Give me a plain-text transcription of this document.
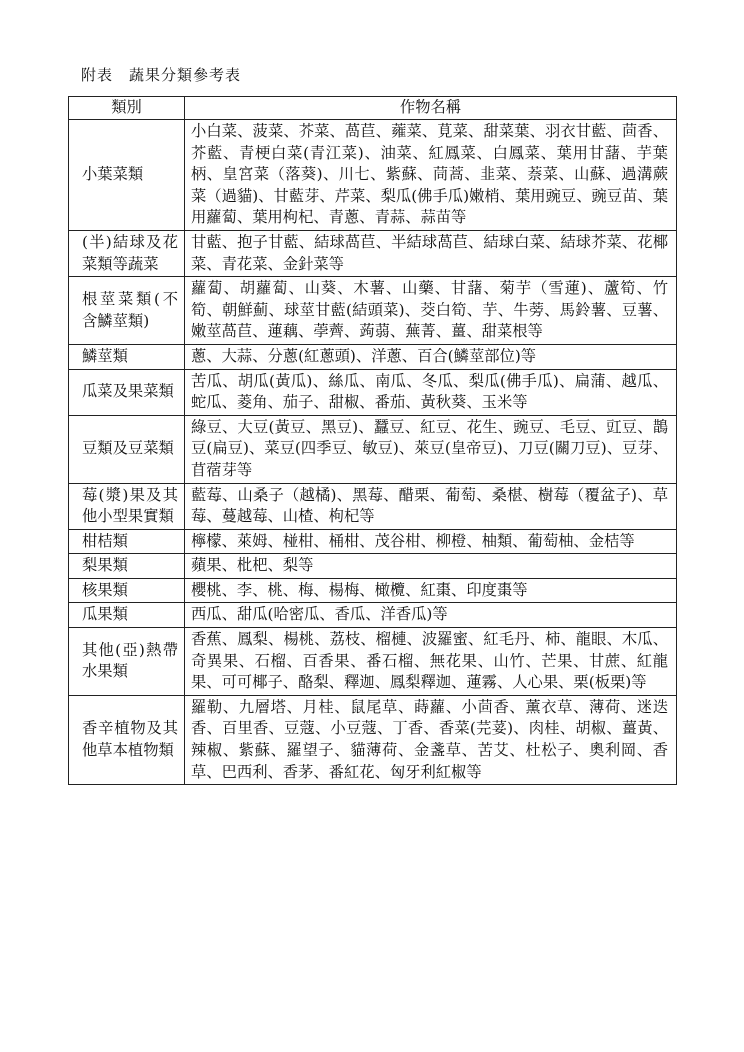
附表　蔬果分類參考表
類別	作物名稱
小葉菜類	小白菜、菠菜、芥菜、萵苣、蕹菜、莧菜、甜菜葉、羽衣甘藍、茴香、芥藍、青梗白菜(青江菜)、油菜、紅鳳菜、白鳳菜、葉用甘藷、芋葉柄、皇宮菜（落葵)、川七、紫蘇、茼蒿、韭菜、萘菜、山蘇、過溝蕨菜（過貓)、甘藍芽、芹菜、梨瓜(佛手瓜)嫩梢、葉用豌豆、豌豆苗、葉用蘿蔔、葉用枸杞、青蔥、青蒜、蒜苗等
(半)結球及花菜類等蔬菜	甘藍、抱子甘藍、結球萵苣、半結球萵苣、結球白菜、結球芥菜、花椰菜、青花菜、金針菜等
根莖菜類(不含鱗莖類)	蘿蔔、胡蘿蔔、山葵、木薯、山藥、甘藷、菊芋（雪蓮)、蘆筍、竹筍、朝鮮薊、球莖甘藍(結頭菜)、茭白筍、芋、牛蒡、馬鈴薯、豆薯、嫩莖萵苣、蓮藕、荸薺、蒟蒻、蕪菁、薑、甜菜根等
鱗莖類	蔥、大蒜、分蔥(紅蔥頭)、洋蔥、百合(鱗莖部位)等
瓜菜及果菜類	苦瓜、胡瓜(黃瓜)、絲瓜、南瓜、冬瓜、梨瓜(佛手瓜)、扁蒲、越瓜、蛇瓜、菱角、茄子、甜椒、番茄、黃秋葵、玉米等
豆類及豆菜類	綠豆、大豆(黃豆、黑豆)、蠶豆、紅豆、花生、豌豆、毛豆、豇豆、鵲豆(扁豆)、菜豆(四季豆、敏豆)、萊豆(皇帝豆)、刀豆(關刀豆)、豆芽、苜蓿芽等
莓(漿)果及其他小型果實類	藍莓、山桑子（越橘)、黑莓、醋栗、葡萄、桑椹、樹莓（覆盆子)、草莓、蔓越莓、山楂、枸杞等
柑桔類	檸檬、萊姆、椪柑、桶柑、茂谷柑、柳橙、柚類、葡萄柚、金桔等
梨果類	蘋果、枇杷、梨等
核果類	櫻桃、李、桃、梅、楊梅、橄欖、紅棗、印度棗等
瓜果類	西瓜、甜瓜(哈密瓜、香瓜、洋香瓜)等
其他(亞)熱帶水果類	香蕉、鳳梨、楊桃、荔枝、榴槤、波羅蜜、紅毛丹、柿、龍眼、木瓜、奇異果、石榴、百香果、番石榴、無花果、山竹、芒果、甘蔗、紅龍果、可可椰子、酪梨、釋迦、鳳梨釋迦、蓮霧、人心果、栗(板栗)等
香辛植物及其他草本植物類	羅勒、九層塔、月桂、鼠尾草、蒔蘿、小茴香、薰衣草、薄荷、迷迭香、百里香、豆蔻、小豆蔻、丁香、香菜(芫荽)、肉桂、胡椒、薑黃、辣椒、紫蘇、羅望子、貓薄荷、金盞草、苦艾、杜松子、奧利岡、香草、巴西利、香茅、番紅花、匈牙利紅椒等
